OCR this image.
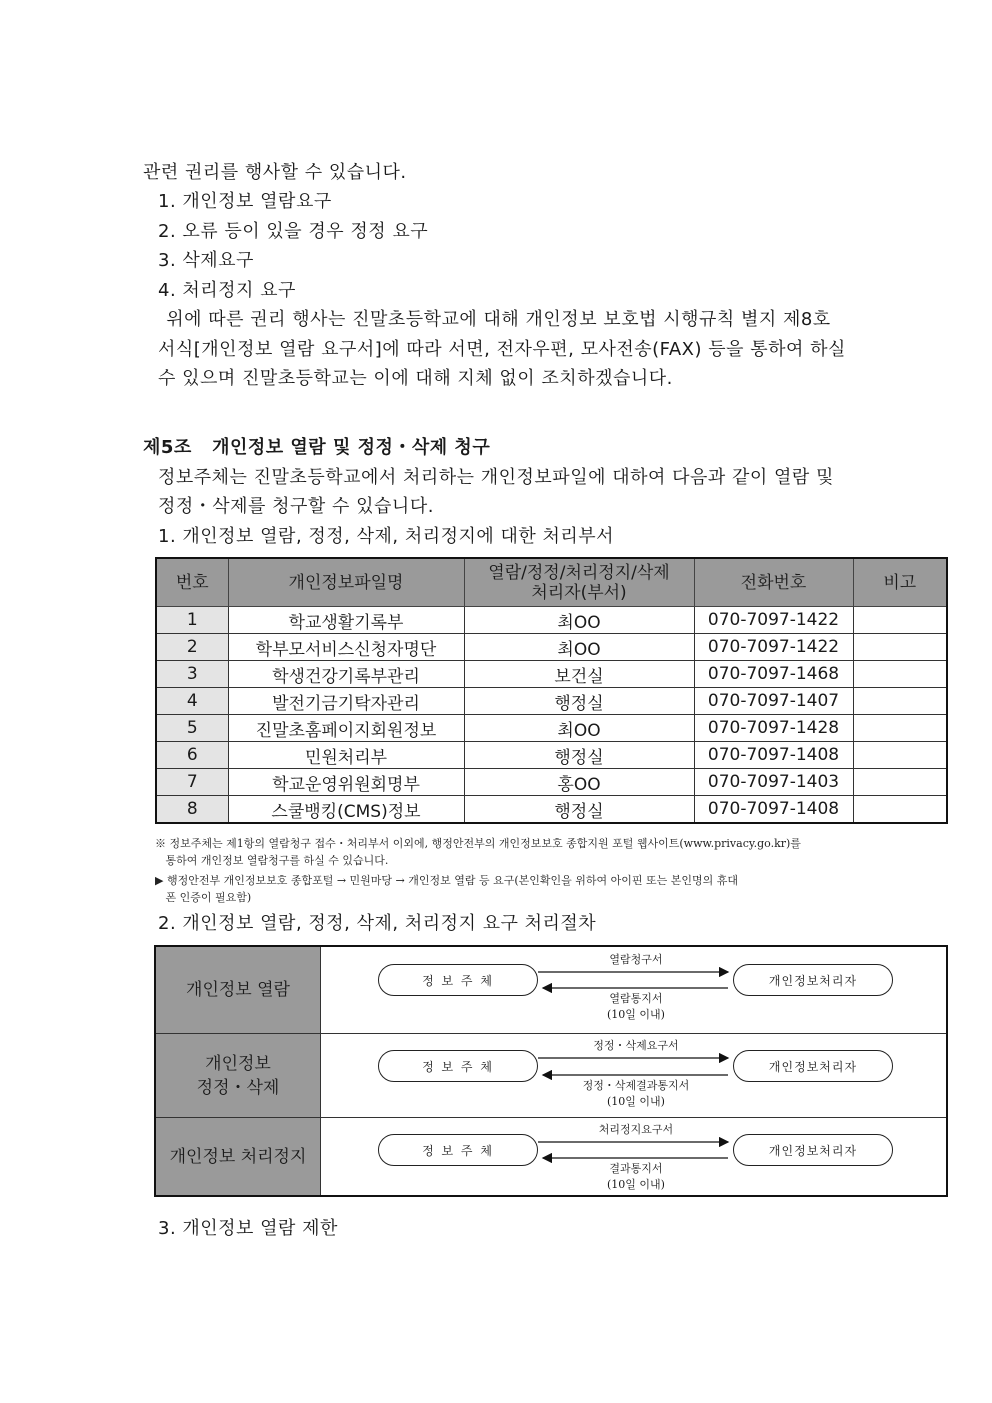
관련 권리를 행사할 수 있습니다.
1. 개인정보 열람요구
2. 오류 등이 있을 경우 정정 요구
3. 삭제요구
4. 처리정지 요구
위에 따른 권리 행사는 진말초등학교에 대해 개인정보 보호법 시행규칙 별지 제8호
서식[개인정보 열람 요구서]에 따라 서면, 전자우편, 모사전송(FAX) 등을 통하여 하실
수 있으며 진말초등학교는 이에 대해 지체 없이 조치하겠습니다.
제5조   개인정보 열람 및 정정・삭제 청구
정보주체는 진말초등학교에서 처리하는 개인정보파일에 대하여 다음과 같이 열람 및
정정・삭제를 청구할 수 있습니다.
1. 개인정보 열람, 정정, 삭제, 처리정지에 대한 처리부서
번호	개인정보파일명	열람/정정/처리정지/삭제
처리자(부서)	전화번호	비고
1	학교생활기록부	최OO	070-7097-1422	
2	학부모서비스신청자명단	최OO	070-7097-1422	
3	학생건강기록부관리	보건실	070-7097-1468	
4	발전기금기탁자관리	행정실	070-7097-1407	
5	진말초홈페이지회원정보	최OO	070-7097-1428	
6	민원처리부	행정실	070-7097-1408	
7	학교운영위원회명부	홍OO	070-7097-1403	
8	스쿨뱅킹(CMS)정보	행정실	070-7097-1408	
※ 정보주체는 제1항의 열람청구 접수・처리부서 이외에, 행정안전부의 개인정보보호 종합지원 포털 웹사이트(www.privacy.go.kr)를
통하여 개인정보 열람청구를 하실 수 있습니다.
▶ 행정안전부 개인정보보호 종합포털 → 민원마당 → 개인정보 열람 등 요구(본인확인을 위하여 아이핀 또는 본인명의 휴대
폰 인증이 필요함)
2. 개인정보 열람, 정정, 삭제, 처리정지 요구 처리절차
개인정보 열람	정 보 주 체	개인정보처리자
열람청구서
열람통지서
(10일 이내)
개인정보
정정・삭제
정 보 주 체	개인정보처리자
정정・삭제요구서
정정・삭제결과통지서
(10일 이내)
개인정보 처리정지	정 보 주 체	개인정보처리자
처리정지요구서
결과통지서
(10일 이내)
3. 개인정보 열람 제한
